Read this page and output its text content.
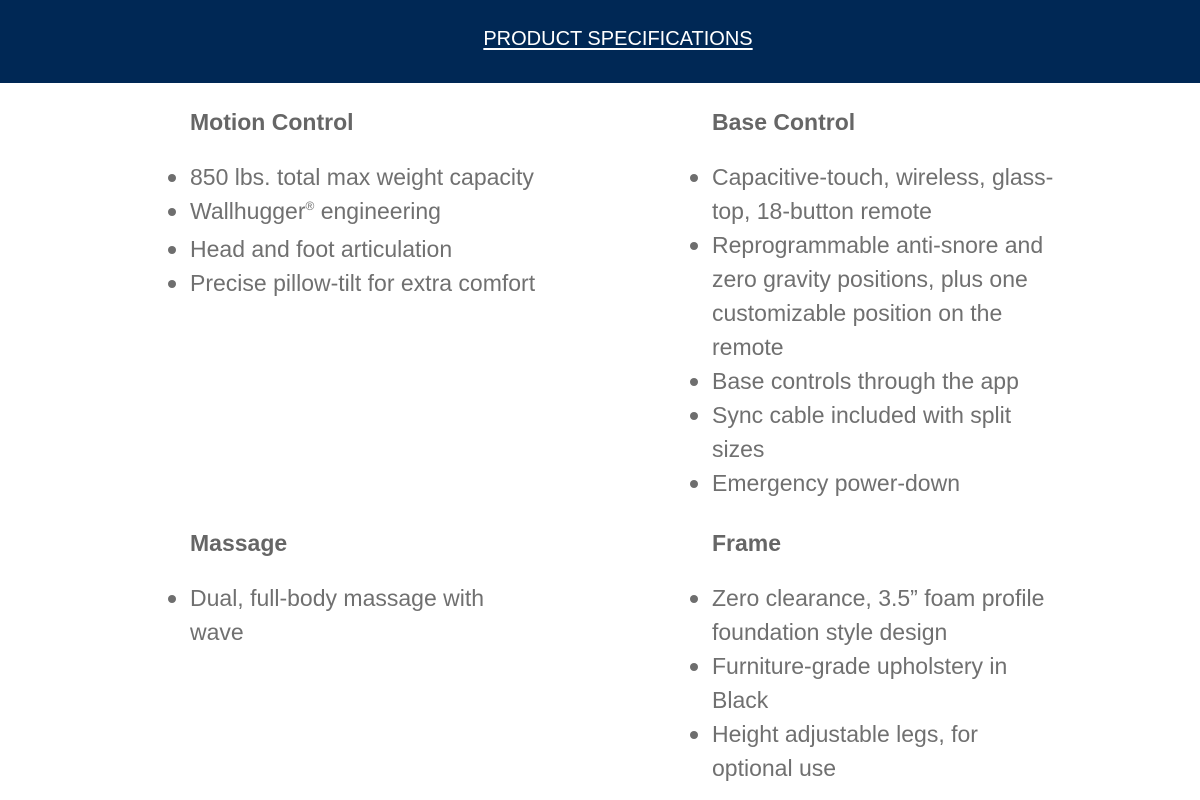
PRODUCT SPECIFICATIONS
Motion Control
850 lbs. total max weight capacity
Wallhugger® engineering
Head and foot articulation
Precise pillow-tilt for extra comfort
Base Control
Capacitive-touch, wireless, glass-top, 18-button remote
Reprogrammable anti-snore and zero gravity positions, plus one customizable position on the remote
Base controls through the app
Sync cable included with split sizes
Emergency power-down
Massage
Dual, full-body massage with wave
Frame
Zero clearance, 3.5” foam profile foundation style design
Furniture-grade upholstery in Black
Height adjustable legs, for optional use
